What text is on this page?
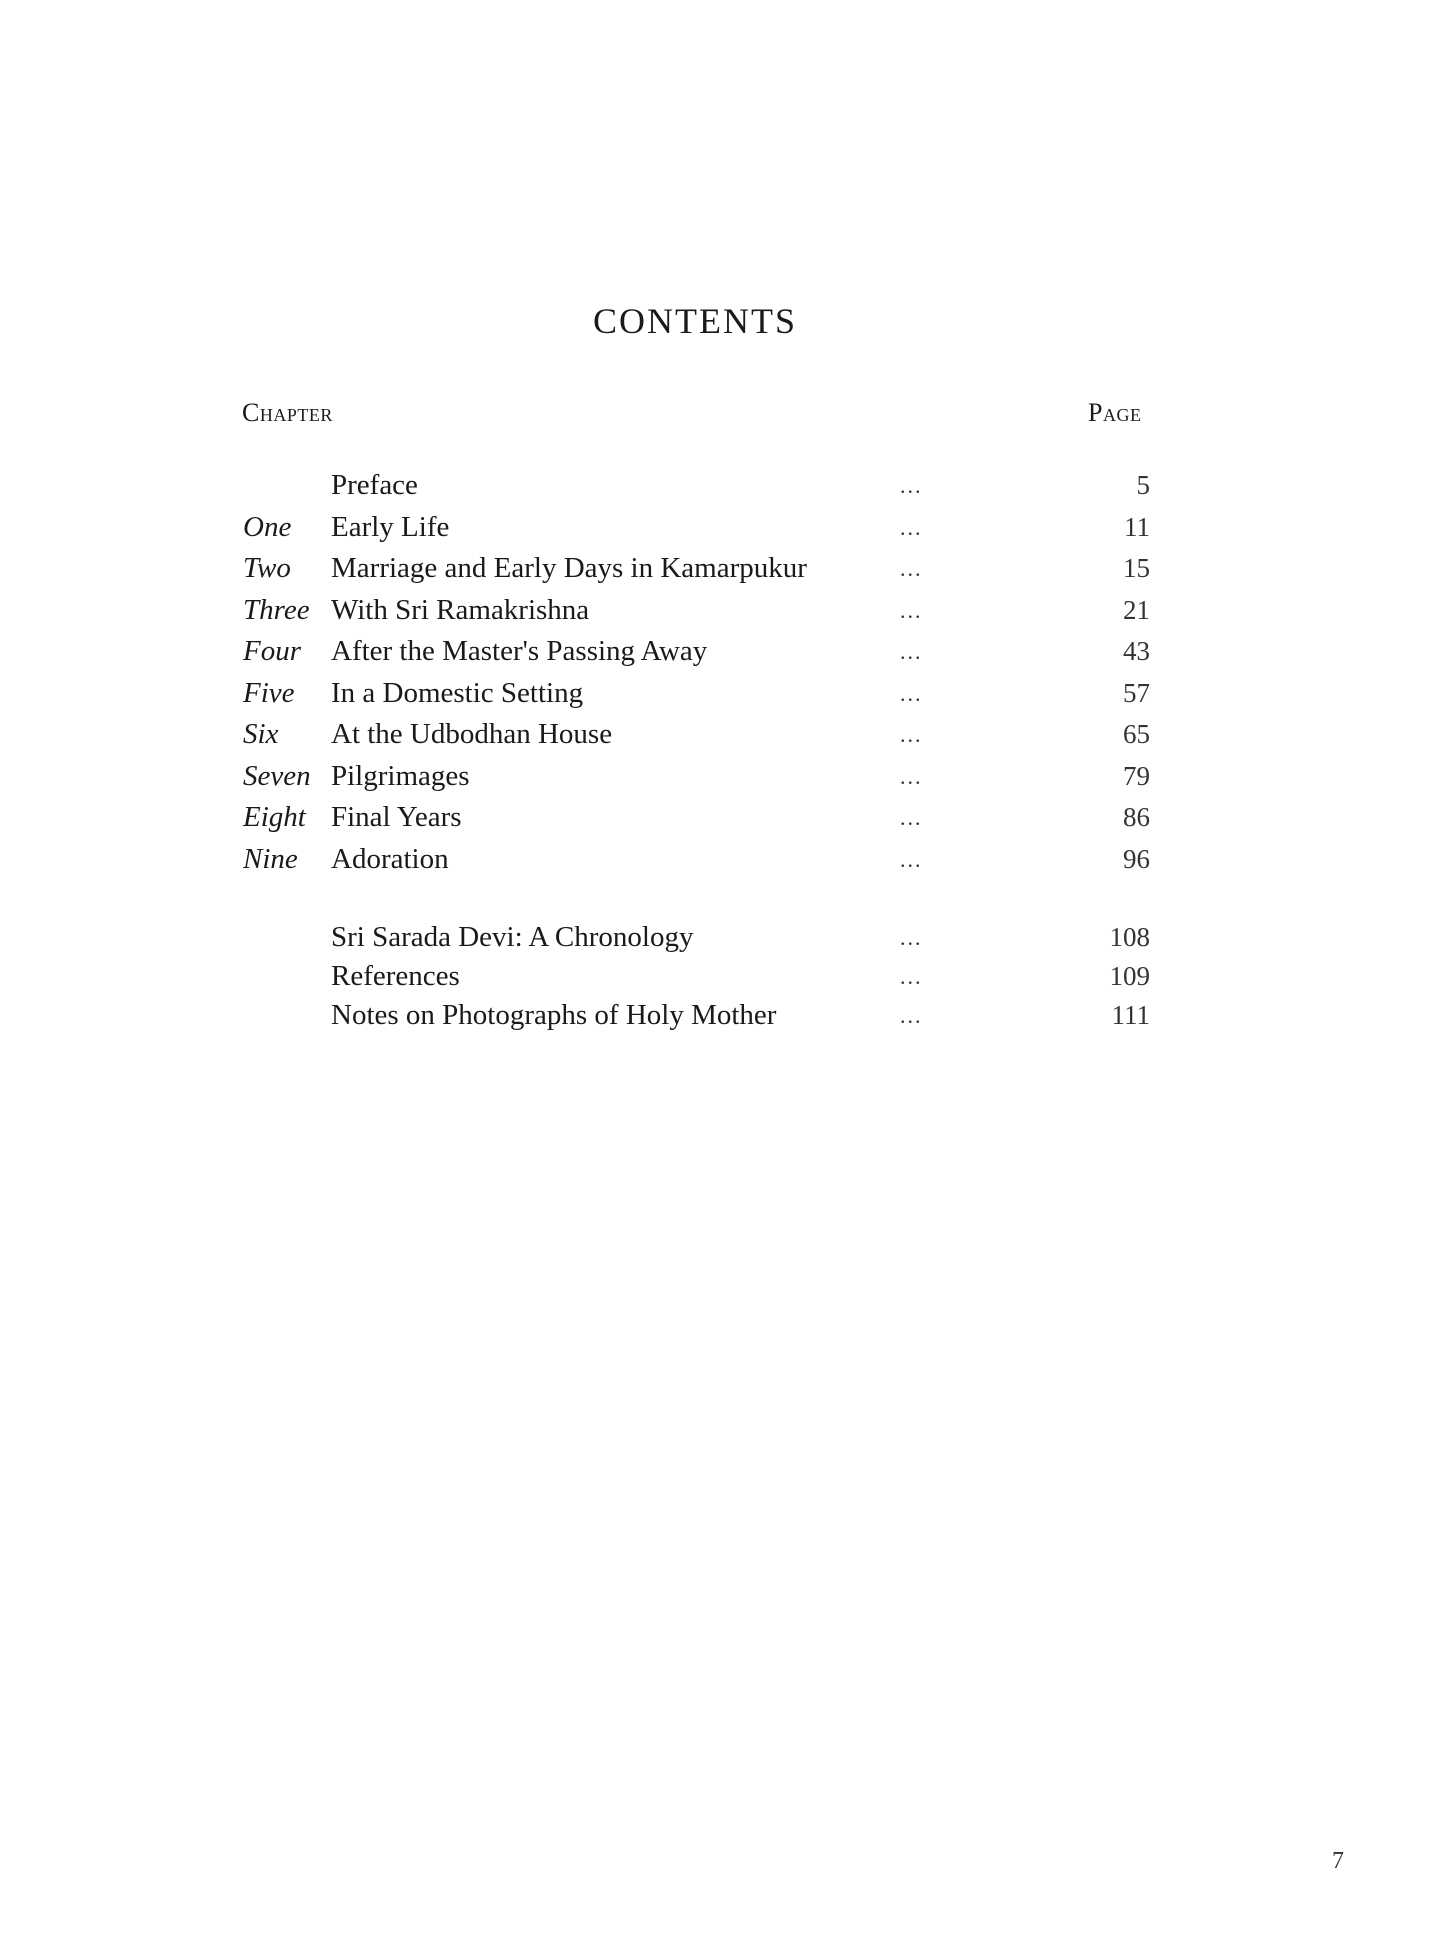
CONTENTS
Chapter	Page
Preface	...	5
One Early Life	...	11
Two Marriage and Early Days in Kamarpukur	...	15
Three With Sri Ramakrishna	...	21
Four After the Master's Passing Away	...	43
Five In a Domestic Setting	...	57
Six At the Udbodhan House	...	65
Seven Pilgrimages	...	79
Eight Final Years	...	86
Nine Adoration	...	96
Sri Sarada Devi: A Chronology	...	108
References	...	109
Notes on Photographs of Holy Mother	...	111
7
